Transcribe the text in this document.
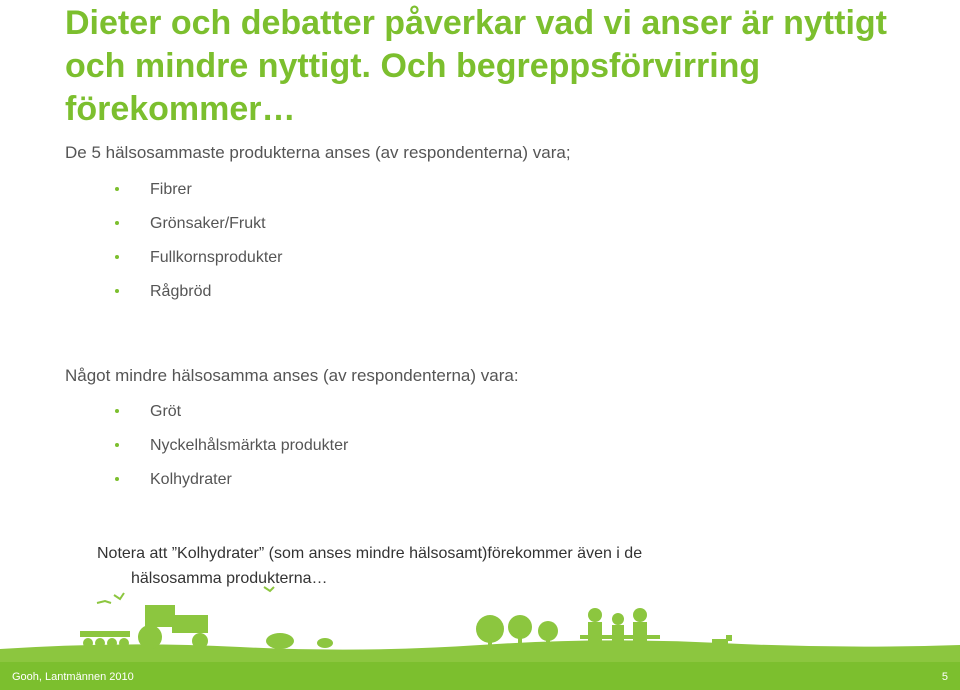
Dieter och debatter påverkar vad vi anser är nyttigt och mindre nyttigt. Och begreppsförvirring förekommer…

De 5 hälsosammaste produkterna anses (av respondenterna) vara;

Fibrer
Grönsaker/Frukt
Fullkornsprodukter
Rågbröd

Något mindre hälsosamma anses (av respondenterna) vara:

Gröt
Nyckelhålsmärkta produkter
Kolhydrater

Notera att ”Kolhydrater” (som anses mindre hälsosamt)förekommer även i de
hälsosamma produkterna…

Gooh, Lantmännen 2010	5
